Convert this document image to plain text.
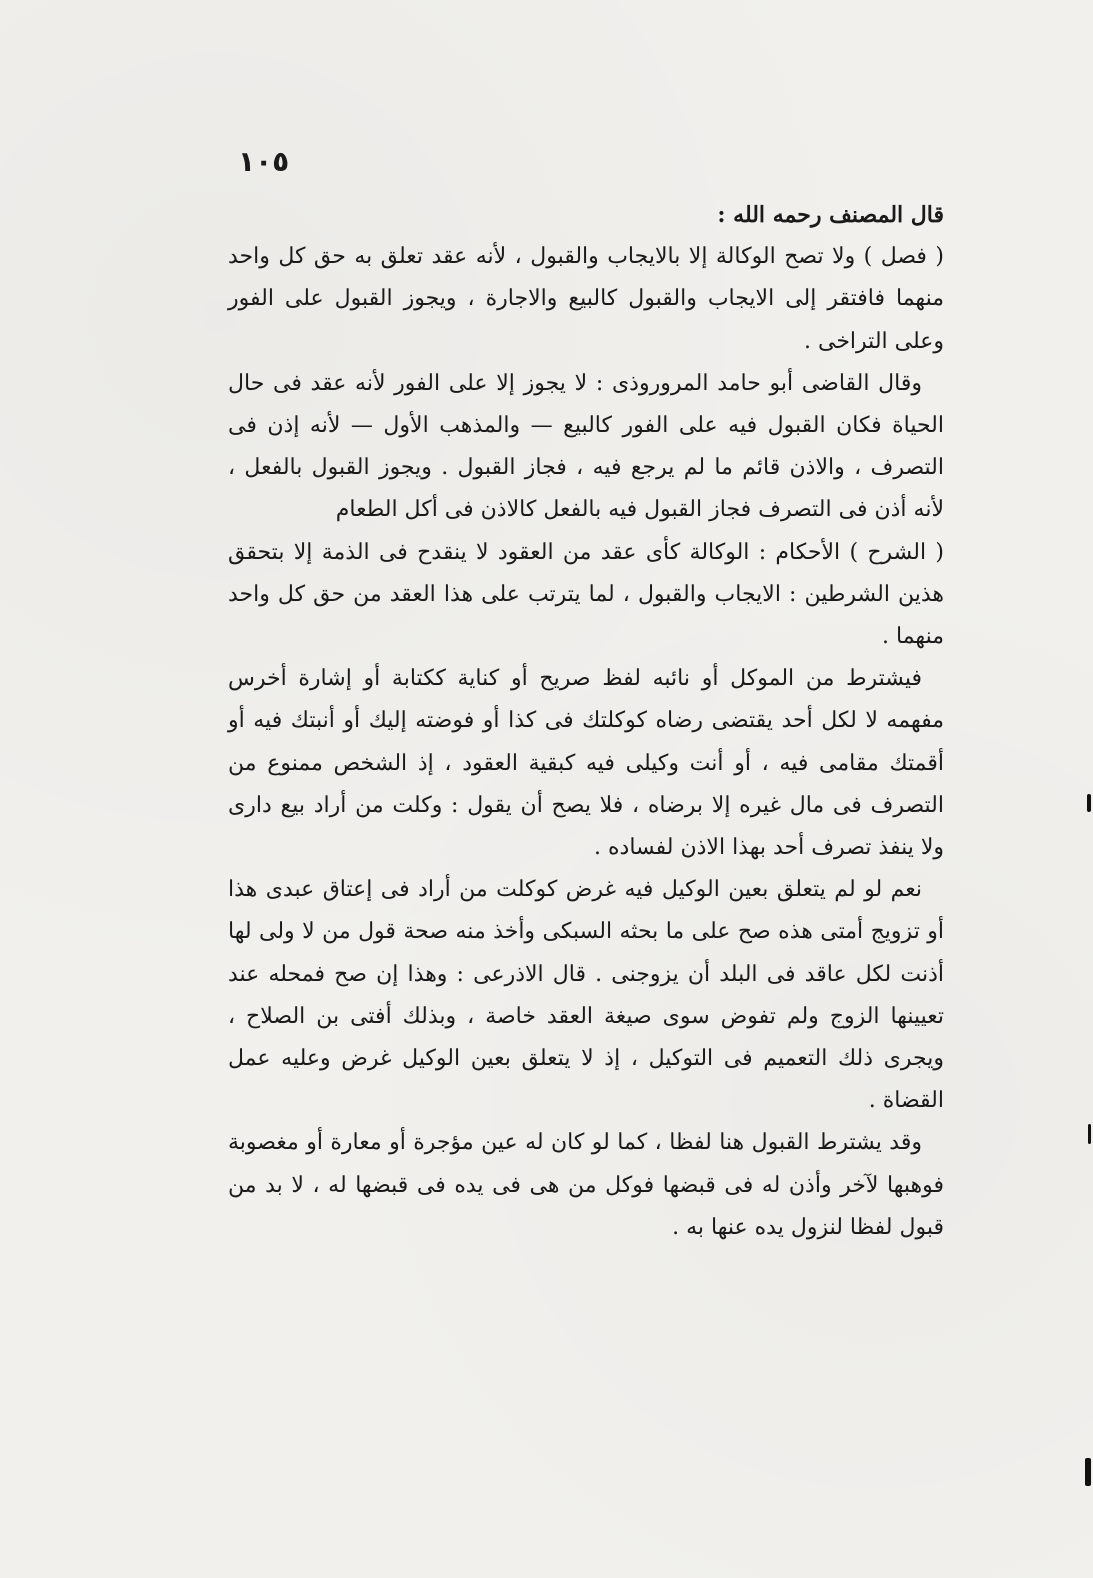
١٠٥

قال المصنف رحمه الله :

( فصل ) ولا تصح الوكالة إلا بالايجاب والقبول ، لأنه عقد تعلق به حق كل واحد منهما فافتقر إلى الايجاب والقبول كالبيع والاجارة ، ويجوز القبول على الفور وعلى التراخى .

وقال القاضى أبو حامد المروروذى : لا يجوز إلا على الفور لأنه عقد فى حال الحياة فكان القبول فيه على الفور كالبيع — والمذهب الأول — لأنه إذن فى التصرف ، والاذن قائم ما لم يرجع فيه ، فجاز القبول . ويجوز القبول بالفعل ، لأنه أذن فى التصرف فجاز القبول فيه بالفعل كالاذن فى أكل الطعام

( الشرح ) الأحكام : الوكالة كأى عقد من العقود لا ينقدح فى الذمة إلا بتحقق هذين الشرطين : الايجاب والقبول ، لما يترتب على هذا العقد من حق كل واحد منهما .

فيشترط من الموكل أو نائبه لفظ صريح أو كناية ككتابة أو إشارة أخرس مفهمه لا لكل أحد يقتضى رضاه كوكلتك فى كذا أو فوضته إليك أو أنبتك فيه أو أقمتك مقامى فيه ، أو أنت وكيلى فيه كبقية العقود ، إذ الشخص ممنوع من التصرف فى مال غيره إلا برضاه ، فلا يصح أن يقول : وكلت من أراد بيع دارى ولا ينفذ تصرف أحد بهذا الاذن لفساده .

نعم لو لم يتعلق بعين الوكيل فيه غرض كوكلت من أراد فى إعتاق عبدى هذا أو تزويج أمتى هذه صح على ما بحثه السبكى وأخذ منه صحة قول من لا ولى لها أذنت لكل عاقد فى البلد أن يزوجنى . قال الاذرعى : وهذا إن صح فمحله عند تعيينها الزوج ولم تفوض سوى صيغة العقد خاصة ، وبذلك أفتى بن الصلاح ، ويجرى ذلك التعميم فى التوكيل ، إذ لا يتعلق بعين الوكيل غرض وعليه عمل القضاة .

وقد يشترط القبول هنا لفظا ، كما لو كان له عين مؤجرة أو معارة أو مغصوبة فوهبها لآخر وأذن له فى قبضها فوكل من هى فى يده فى قبضها له ، لا بد من قبول لفظا لنزول يده عنها به .
